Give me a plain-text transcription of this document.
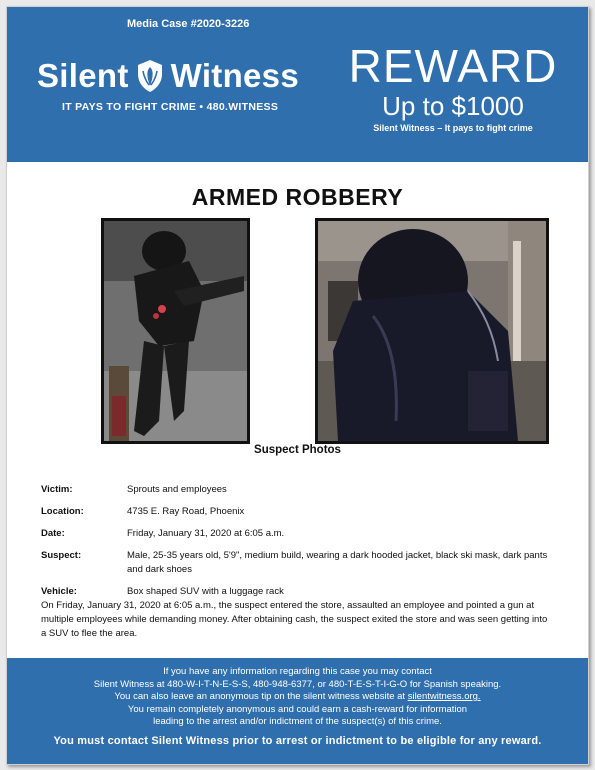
Media Case #2020-3226
Silent Witness
IT PAYS TO FIGHT CRIME • 480.WITNESS
REWARD
Up to $1000
Silent Witness – It pays to fight crime
ARMED ROBBERY
Suspect Photos
Victim:	Sprouts and employees
Location:	4735 E. Ray Road, Phoenix
Date:	Friday, January 31, 2020 at 6:05 a.m.
Suspect:	Male, 25-35 years old, 5'9", medium build, wearing a dark hooded jacket, black ski mask, dark pants and dark shoes
Vehicle:	Box shaped SUV with a luggage rack
On Friday, January 31, 2020 at 6:05 a.m., the suspect entered the store, assaulted an employee and pointed a gun at multiple employees while demanding money. After obtaining cash, the suspect exited the store and was seen getting into a SUV to flee the area.
If you have any information regarding this case you may contact
Silent Witness at 480-W-I-T-N-E-S-S, 480-948-6377, or 480-T-E-S-T-I-G-O for Spanish speaking.
You can also leave an anonymous tip on the silent witness website at silentwitness.org.
You remain completely anonymous and could earn a cash-reward for information
leading to the arrest and/or indictment of the suspect(s) of this crime.
You must contact Silent Witness prior to arrest or indictment to be eligible for any reward.
